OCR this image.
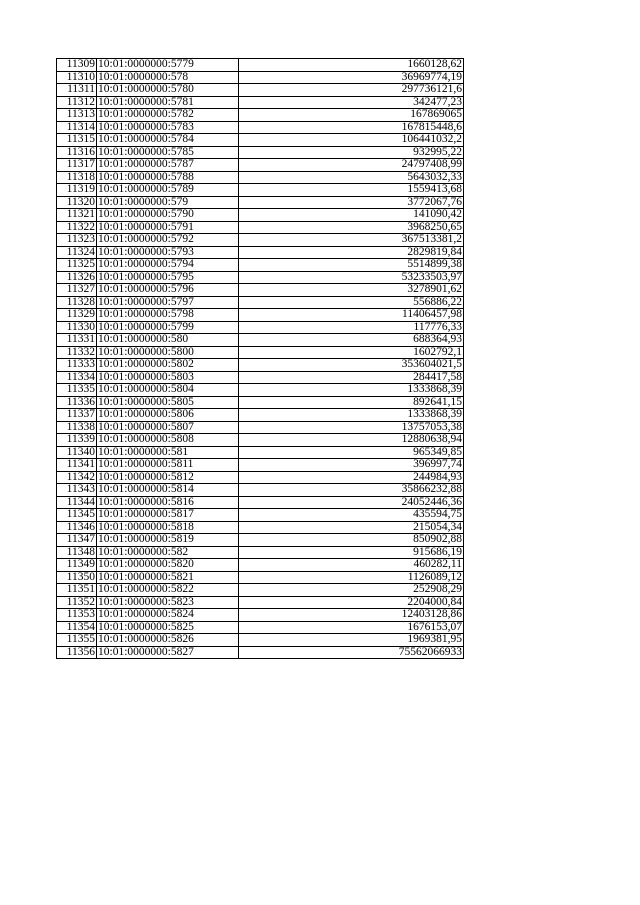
11309	10:01:0000000:5779	1660128,62
11310	10:01:0000000:578	36969774,19
11311	10:01:0000000:5780	297736121,6
11312	10:01:0000000:5781	342477,23
11313	10:01:0000000:5782	167869065
11314	10:01:0000000:5783	167815448,6
11315	10:01:0000000:5784	106441032,2
11316	10:01:0000000:5785	932995,22
11317	10:01:0000000:5787	24797408,99
11318	10:01:0000000:5788	5643032,33
11319	10:01:0000000:5789	1559413,68
11320	10:01:0000000:579	3772067,76
11321	10:01:0000000:5790	141090,42
11322	10:01:0000000:5791	3968250,65
11323	10:01:0000000:5792	367513381,2
11324	10:01:0000000:5793	2829819,84
11325	10:01:0000000:5794	5514899,38
11326	10:01:0000000:5795	53233503,97
11327	10:01:0000000:5796	3278901,62
11328	10:01:0000000:5797	556886,22
11329	10:01:0000000:5798	11406457,98
11330	10:01:0000000:5799	117776,33
11331	10:01:0000000:580	688364,93
11332	10:01:0000000:5800	1602792,1
11333	10:01:0000000:5802	353604021,5
11334	10:01:0000000:5803	284417,58
11335	10:01:0000000:5804	1333868,39
11336	10:01:0000000:5805	892641,15
11337	10:01:0000000:5806	1333868,39
11338	10:01:0000000:5807	13757053,38
11339	10:01:0000000:5808	12880638,94
11340	10:01:0000000:581	965349,85
11341	10:01:0000000:5811	396997,74
11342	10:01:0000000:5812	244984,93
11343	10:01:0000000:5814	35866232,88
11344	10:01:0000000:5816	24052446,36
11345	10:01:0000000:5817	435594,75
11346	10:01:0000000:5818	215054,34
11347	10:01:0000000:5819	850902,88
11348	10:01:0000000:582	915686,19
11349	10:01:0000000:5820	460282,11
11350	10:01:0000000:5821	1126089,12
11351	10:01:0000000:5822	252908,29
11352	10:01:0000000:5823	2204000,84
11353	10:01:0000000:5824	12403128,86
11354	10:01:0000000:5825	1676153,07
11355	10:01:0000000:5826	1969381,95
11356	10:01:0000000:5827	75562066933
